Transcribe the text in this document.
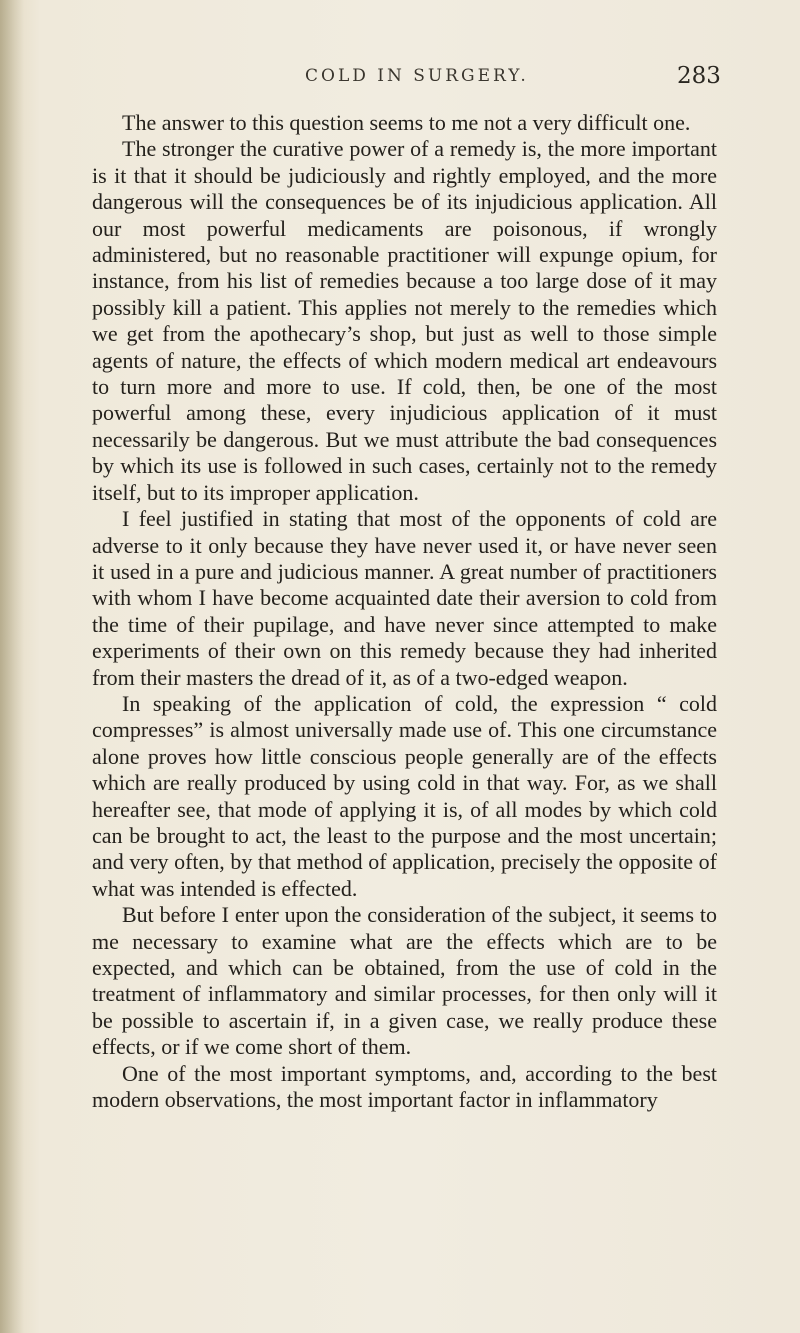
COLD IN SURGERY.	283

The answer to this question seems to me not a very difficult one.

The stronger the curative power of a remedy is, the more important is it that it should be judiciously and rightly employed, and the more dangerous will the consequences be of its injudicious application. All our most powerful medicaments are poisonous, if wrongly administered, but no reasonable practitioner will expunge opium, for instance, from his list of remedies because a too large dose of it may possibly kill a patient. This applies not merely to the remedies which we get from the apothecary’s shop, but just as well to those simple agents of nature, the effects of which modern medical art endeavours to turn more and more to use. If cold, then, be one of the most powerful among these, every injudicious application of it must necessarily be dangerous. But we must attribute the bad consequences by which its use is followed in such cases, certainly not to the remedy itself, but to its improper application.

I feel justified in stating that most of the opponents of cold are adverse to it only because they have never used it, or have never seen it used in a pure and judicious manner. A great number of practitioners with whom I have become acquainted date their aversion to cold from the time of their pupilage, and have never since attempted to make experiments of their own on this remedy because they had inherited from their masters the dread of it, as of a two-edged weapon.

In speaking of the application of cold, the expression “ cold compresses” is almost universally made use of. This one circumstance alone proves how little conscious people generally are of the effects which are really produced by using cold in that way. For, as we shall hereafter see, that mode of applying it is, of all modes by which cold can be brought to act, the least to the purpose and the most uncertain; and very often, by that method of application, precisely the opposite of what was intended is effected.

But before I enter upon the consideration of the subject, it seems to me necessary to examine what are the effects which are to be expected, and which can be obtained, from the use of cold in the treatment of inflammatory and similar processes, for then only will it be possible to ascertain if, in a given case, we really produce these effects, or if we come short of them.

One of the most important symptoms, and, according to the best modern observations, the most important factor in inflammatory
